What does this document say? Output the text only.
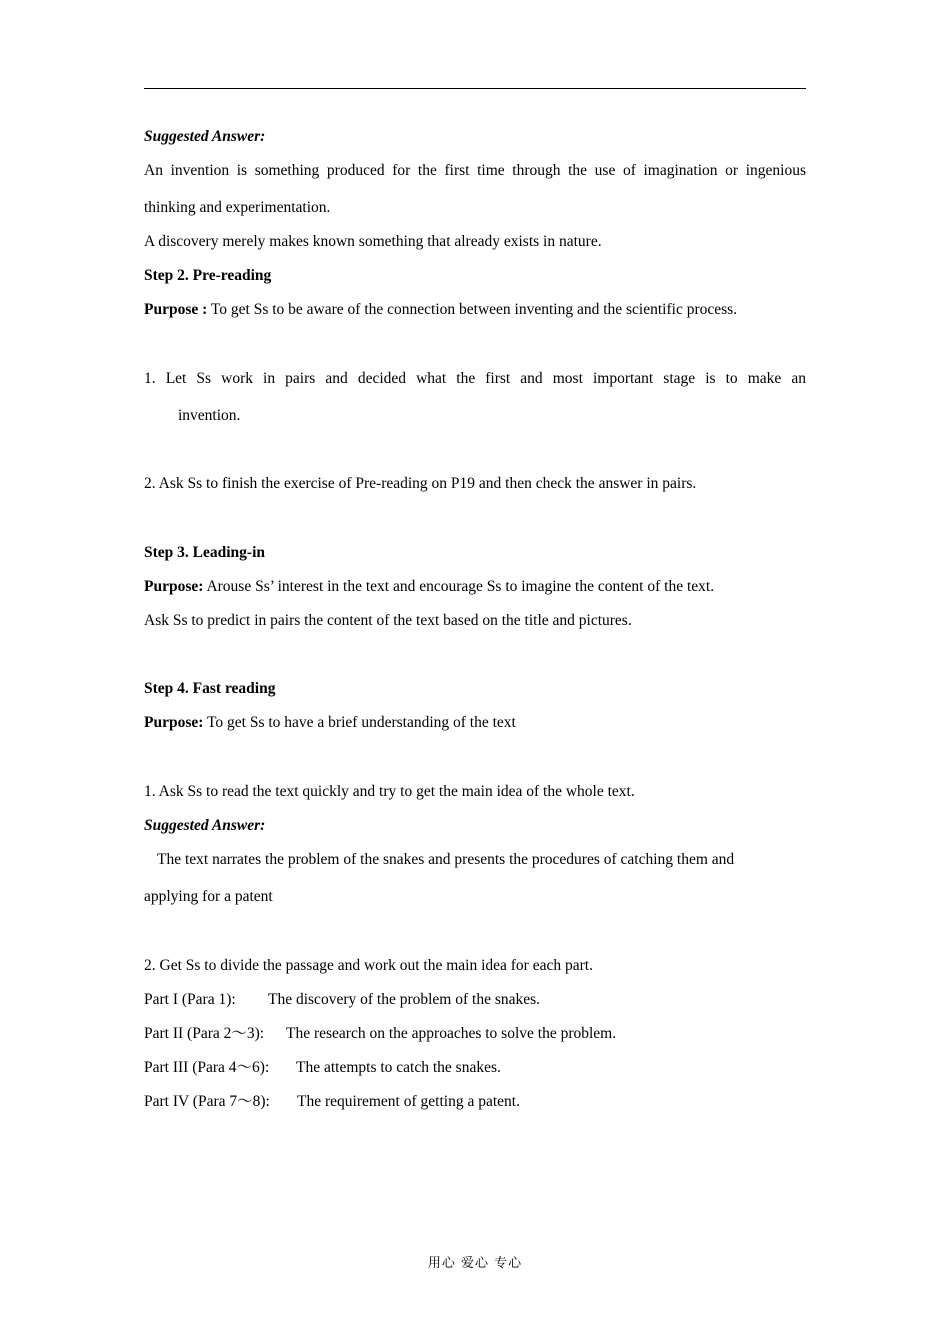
Suggested Answer:
An invention is something produced for the first time through the use of imagination or ingenious
thinking and experimentation.
A discovery merely makes known something that already exists in nature.
Step 2. Pre-reading
Purpose : To get Ss to be aware of the connection between inventing and the scientific process.
1. Let Ss work in pairs and decided what the first and most important stage is to make an
invention.
2. Ask Ss to finish the exercise of Pre-reading on P19 and then check the answer in pairs.
Step 3. Leading-in
Purpose: Arouse Ss’ interest in the text and encourage Ss to imagine the content of the text.
Ask Ss to predict in pairs the content of the text based on the title and pictures.
Step 4. Fast reading
Purpose: To get Ss to have a brief understanding of the text
1. Ask Ss to read the text quickly and try to get the main idea of the whole text.
Suggested Answer:
The text narrates the problem of the snakes and presents the procedures of catching them and
applying for a patent
2. Get Ss to divide the passage and work out the main idea for each part.
Part I (Para 1): The discovery of the problem of the snakes.
Part II (Para 2～3): The research on the approaches to solve the problem.
Part III (Para 4～6): The attempts to catch the snakes.
Part IV (Para 7～8): The requirement of getting a patent.
用心 爱心 专心
